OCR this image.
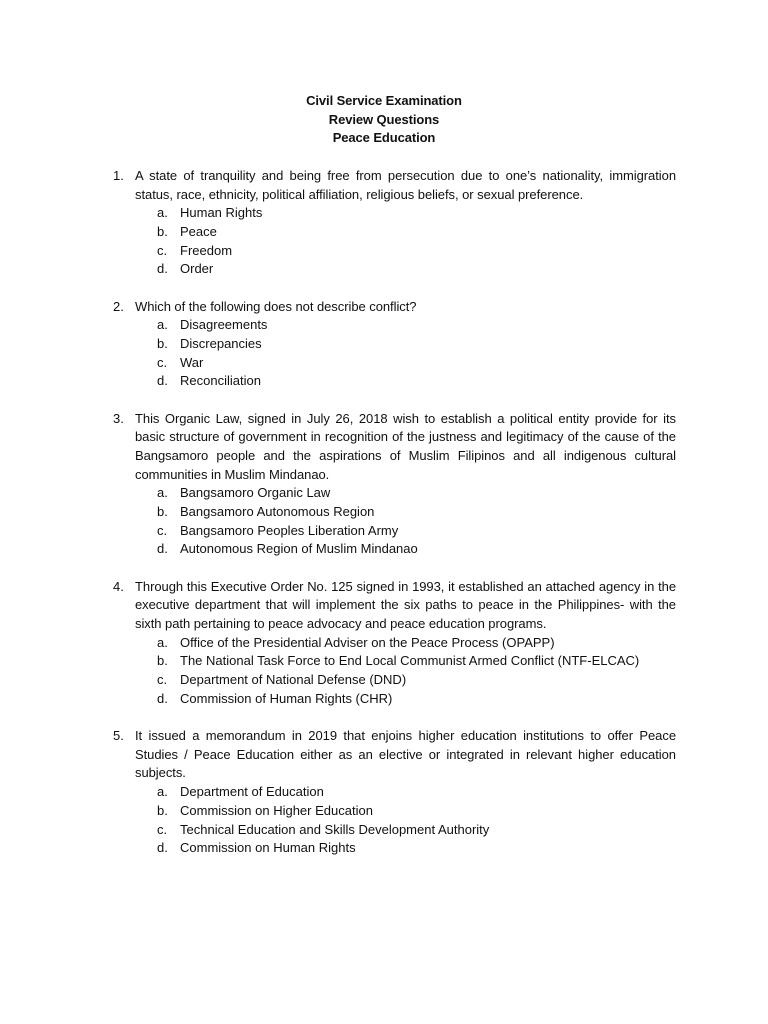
Civil Service Examination
Review Questions
Peace Education
1. A state of tranquility and being free from persecution due to one’s nationality, immigration status, race, ethnicity, political affiliation, religious beliefs, or sexual preference.
a. Human Rights
b. Peace
c. Freedom
d. Order
2. Which of the following does not describe conflict?
a. Disagreements
b. Discrepancies
c. War
d. Reconciliation
3. This Organic Law, signed in July 26, 2018 wish to establish a political entity provide for its basic structure of government in recognition of the justness and legitimacy of the cause of the Bangsamoro people and the aspirations of Muslim Filipinos and all indigenous cultural communities in Muslim Mindanao.
a. Bangsamoro Organic Law
b. Bangsamoro Autonomous Region
c. Bangsamoro Peoples Liberation Army
d. Autonomous Region of Muslim Mindanao
4. Through this Executive Order No. 125 signed in 1993, it established an attached agency in the executive department that will implement the six paths to peace in the Philippines- with the sixth path pertaining to peace advocacy and peace education programs.
a. Office of the Presidential Adviser on the Peace Process (OPAPP)
b. The National Task Force to End Local Communist Armed Conflict (NTF-ELCAC)
c. Department of National Defense (DND)
d. Commission of Human Rights (CHR)
5. It issued a memorandum in 2019 that enjoins higher education institutions to offer Peace Studies / Peace Education either as an elective or integrated in relevant higher education subjects.
a. Department of Education
b. Commission on Higher Education
c. Technical Education and Skills Development Authority
d. Commission on Human Rights
